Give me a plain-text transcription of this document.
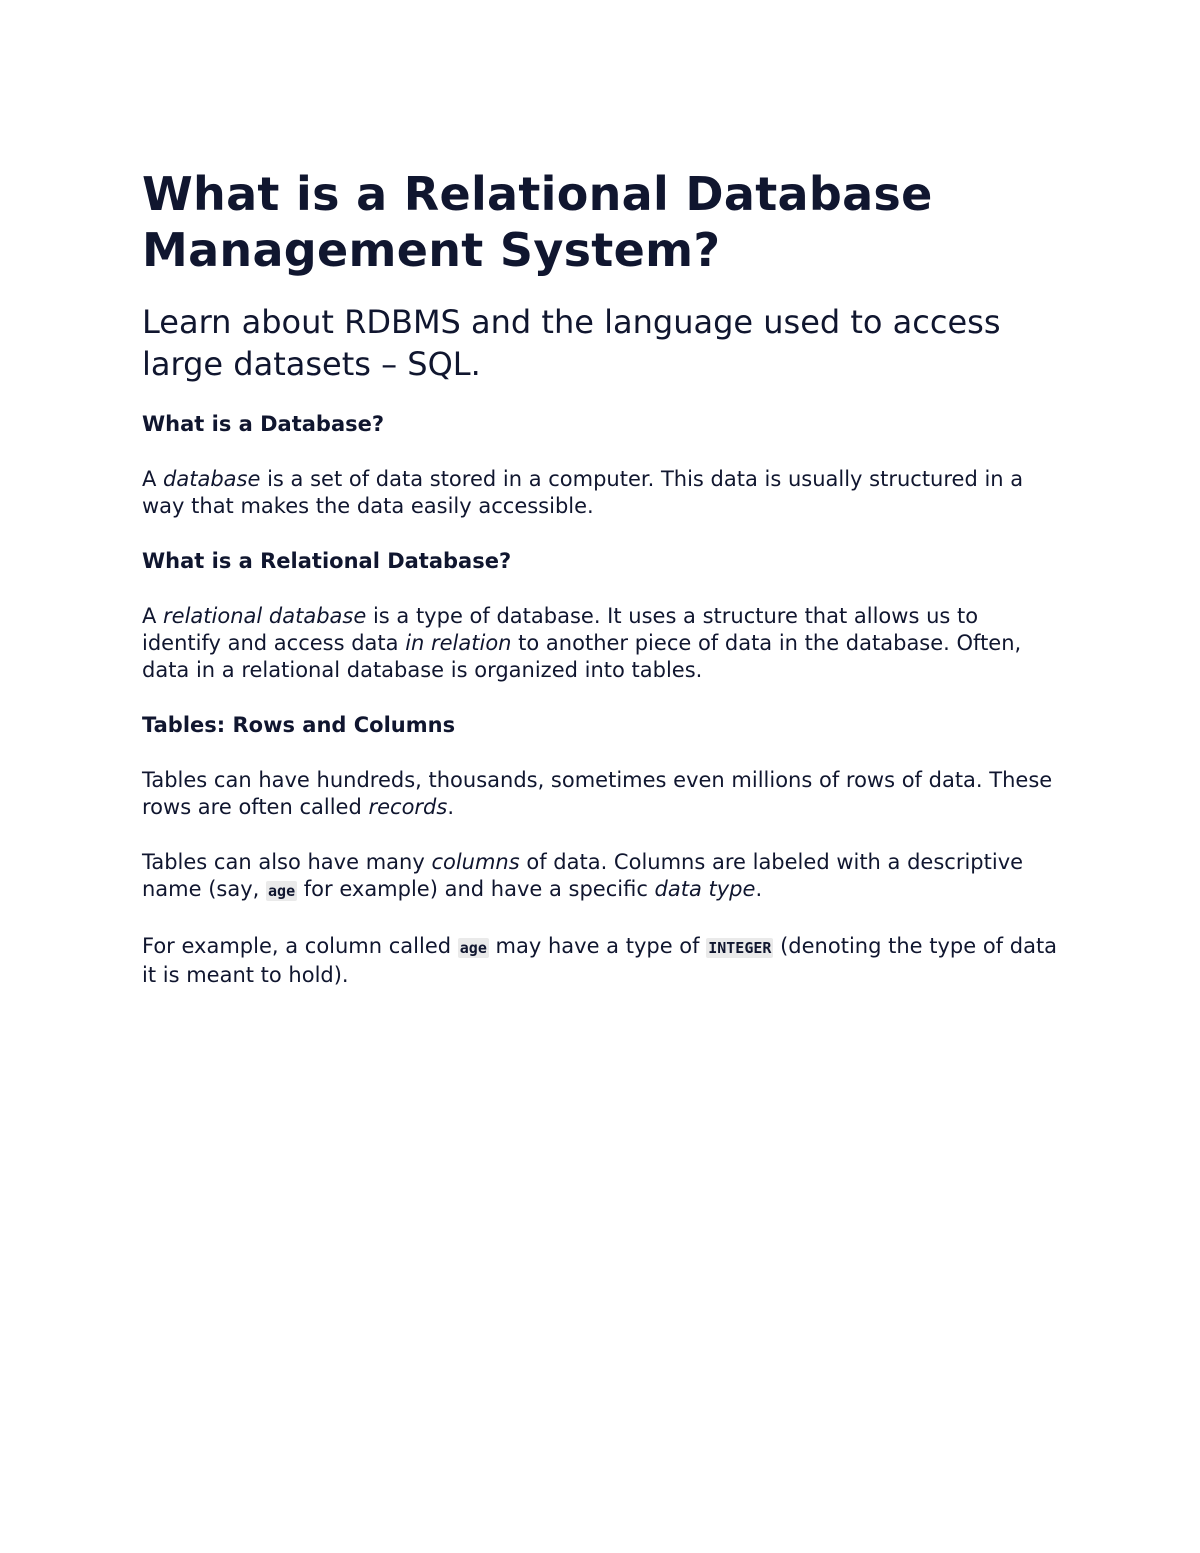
What is a Relational Database Management System?

Learn about RDBMS and the language used to access large datasets – SQL.

What is a Database?

A database is a set of data stored in a computer. This data is usually structured in a way that makes the data easily accessible.

What is a Relational Database?

A relational database is a type of database. It uses a structure that allows us to identify and access data in relation to another piece of data in the database. Often, data in a relational database is organized into tables.

Tables: Rows and Columns

Tables can have hundreds, thousands, sometimes even millions of rows of data. These rows are often called records.

Tables can also have many columns of data. Columns are labeled with a descriptive name (say, age for example) and have a specific data type.

For example, a column called age may have a type of INTEGER (denoting the type of data it is meant to hold).
